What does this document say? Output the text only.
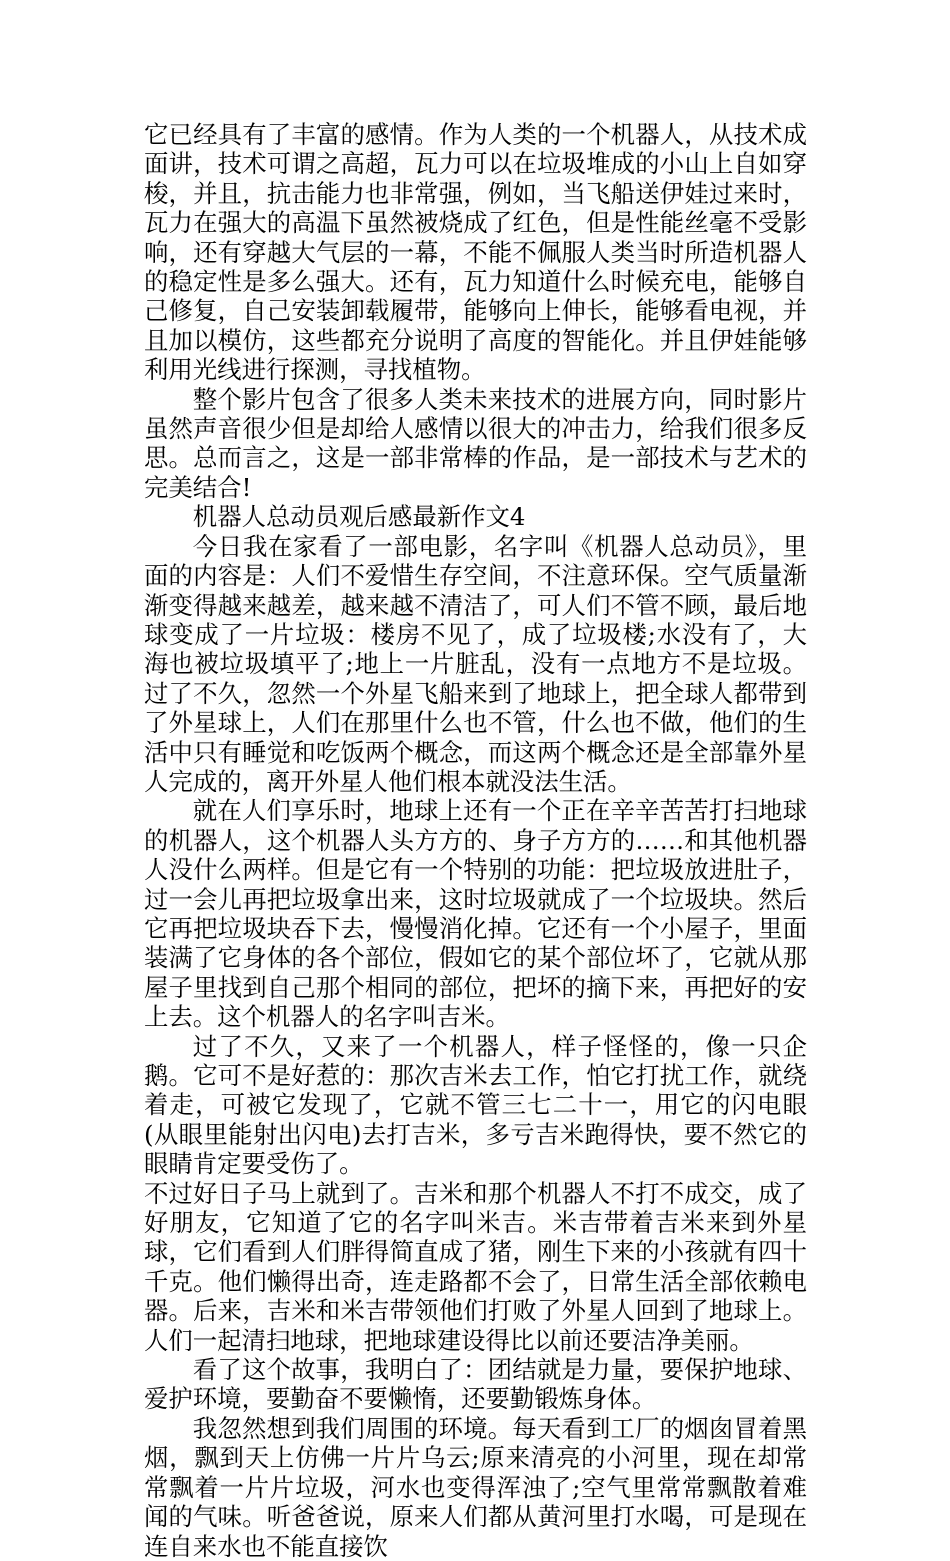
它已经具有了丰富的感情。作为人类的一个机器人，从技术成面讲，技术可谓之高超，瓦力可以在垃圾堆成的小山上自如穿梭，并且，抗击能力也非常强，例如，当飞船送伊娃过来时，瓦力在强大的高温下虽然被烧成了红色，但是性能丝毫不受影响，还有穿越大气层的一幕，不能不佩服人类当时所造机器人的稳定性是多么强大。还有，瓦力知道什么时候充电，能够自己修复，自己安装卸载履带，能够向上伸长，能够看电视，并且加以模仿，这些都充分说明了高度的智能化。并且伊娃能够利用光线进行探测，寻找植物。

整个影片包含了很多人类未来技术的进展方向，同时影片虽然声音很少但是却给人感情以很大的冲击力，给我们很多反思。总而言之，这是一部非常棒的作品，是一部技术与艺术的完美结合!

机器人总动员观后感最新作文4

今日我在家看了一部电影，名字叫《机器人总动员》，里面的内容是：人们不爱惜生存空间，不注意环保。空气质量渐渐变得越来越差，越来越不清洁了，可人们不管不顾，最后地球变成了一片垃圾：楼房不见了，成了垃圾楼;水没有了，大海也被垃圾填平了;地上一片脏乱，没有一点地方不是垃圾。过了不久，忽然一个外星飞船来到了地球上，把全球人都带到了外星球上，人们在那里什么也不管，什么也不做，他们的生活中只有睡觉和吃饭两个概念，而这两个概念还是全部靠外星人完成的，离开外星人他们根本就没法生活。

就在人们享乐时，地球上还有一个正在辛辛苦苦打扫地球的机器人，这个机器人头方方的、身子方方的……和其他机器人没什么两样。但是它有一个特别的功能：把垃圾放进肚子，过一会儿再把垃圾拿出来，这时垃圾就成了一个垃圾块。然后它再把垃圾块吞下去，慢慢消化掉。它还有一个小屋子，里面装满了它身体的各个部位，假如它的某个部位坏了，它就从那屋子里找到自己那个相同的部位，把坏的摘下来，再把好的安上去。这个机器人的名字叫吉米。

过了不久，又来了一个机器人，样子怪怪的，像一只企鹅。它可不是好惹的：那次吉米去工作，怕它打扰工作，就绕着走，可被它发现了，它就不管三七二十一，用它的闪电眼(从眼里能射出闪电)去打吉米，多亏吉米跑得快，要不然它的眼睛肯定要受伤了。

不过好日子马上就到了。吉米和那个机器人不打不成交，成了好朋友，它知道了它的名字叫米吉。米吉带着吉米来到外星球，它们看到人们胖得简直成了猪，刚生下来的小孩就有四十千克。他们懒得出奇，连走路都不会了，日常生活全部依赖电器。后来，吉米和米吉带领他们打败了外星人回到了地球上。人们一起清扫地球，把地球建设得比以前还要洁净美丽。

看了这个故事，我明白了：团结就是力量，要保护地球、爱护环境，要勤奋不要懒惰，还要勤锻炼身体。

我忽然想到我们周围的环境。每天看到工厂的烟囱冒着黑烟，飘到天上仿佛一片片乌云;原来清亮的小河里，现在却常常飘着一片片垃圾，河水也变得浑浊了;空气里常常飘散着难闻的气味。听爸爸说，原来人们都从黄河里打水喝，可是现在连自来水也不能直接饮
